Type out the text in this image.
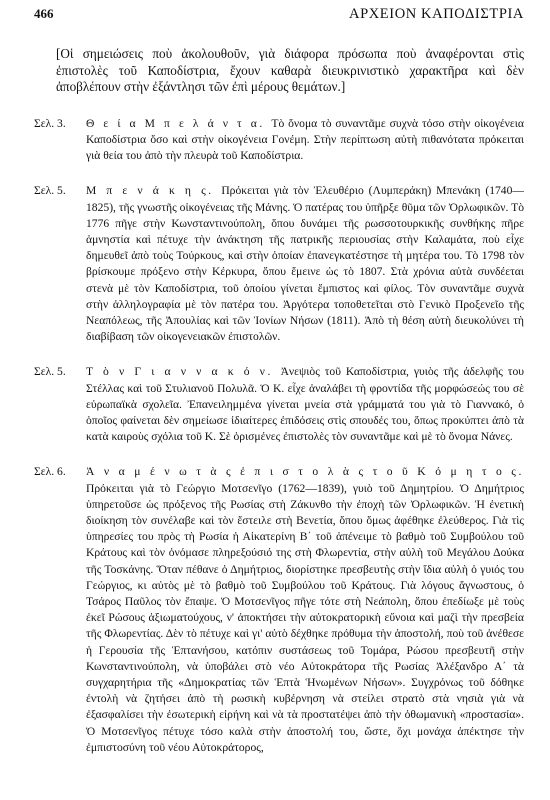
466	ΑΡΧΕΙΟΝ ΚΑΠΟΔΙΣΤΡΙΑ

[Οἱ σημειώσεις ποὺ ἀκολουθοῦν, γιὰ διάφορα πρόσωπα ποὺ ἀναφέρονται στὶς ἐπιστολὲς τοῦ Καποδίστρια, ἔχουν καθαρὰ διευκρινιστικὸ χαρακτῆρα καὶ δὲν ἀποβλέπουν στὴν ἐξάντλησι τῶν ἐπὶ μέρους θεμάτων.]

Σελ. 3.	Θ ε ί α Μ π ε λ ά ν τ α. Τὸ ὄνομα τὸ συναντᾶμε συχνὰ τόσο στὴν οἰκογένεια Καποδίστρια ὅσο καὶ στὴν οἰκογένεια Γονέμη. Στὴν περίπτωση αὐτὴ πιθανότατα πρόκειται γιὰ θεία του ἀπὸ τὴν πλευρὰ τοῦ Καποδίστρια.
Σελ. 5.	Μ π ε ν ά κ η ς. Πρόκειται γιὰ τὸν Ἐλευθέριο (Λυμπεράκη) Μπενάκη (1740—1825), τῆς γνωστῆς οἰκογένειας τῆς Μάνης. Ὁ πατέρας του ὑπῆρξε θῦμα τῶν Ὀρλωφικῶν. Τὸ 1776 πῆγε στὴν Κωνσταντινούπολη, ὅπου δυνάμει τῆς ρωσσοτουρκικῆς συνθήκης πῆρε ἀμνηστία καὶ πέτυχε τὴν ἀνάκτηση τῆς πατρικῆς περιουσίας στὴν Καλαμάτα, ποὺ εἶχε δημευθεῖ ἀπὸ τοὺς Τούρκους, καὶ στὴν ὁποίαν ἐπανεγκατέστησε τὴ μητέρα του. Τὸ 1798 τὸν βρίσκουμε πρόξενο στὴν Κέρκυρα, ὅπου ἔμεινε ὡς τὸ 1807. Στὰ χρόνια αὐτὰ συνδέεται στενὰ μὲ τὸν Καποδίστρια, τοῦ ὁποίου γίνεται ἔμπιστος καὶ φίλος. Τὸν συναντᾶμε συχνὰ στὴν ἀλληλογραφία μὲ τὸν πατέρα του. Ἀργότερα τοποθετεῖται στὸ Γενικὸ Προξενεῖο τῆς Νεαπόλεως, τῆς Ἀπουλίας καὶ τῶν Ἰονίων Νήσων (1811). Ἀπὸ τὴ θέση αὐτὴ διευκολύνει τὴ διαβίβαση τῶν οἰκογενειακῶν ἐπιστολῶν.
Σελ. 5.	Τ ὸ ν Γ ι α ν ν α κ ό ν. Ἀνεψιὸς τοῦ Καποδίστρια, γυιὸς τῆς ἀδελφῆς του Στέλλας καὶ τοῦ Στυλιανοῦ Πολυλᾶ. Ὁ Κ. εἶχε ἀναλάβει τὴ φροντίδα τῆς μορφώσεώς του σὲ εὐρωπαϊκὰ σχολεῖα. Ἐπανειλημμένα γίνεται μνεία στὰ γράμματά του γιὰ τὸ Γιαννακό, ὁ ὁποῖος φαίνεται δὲν σημείωσε ἰδιαίτερες ἐπιδόσεις στὶς σπουδές του, ὅπως προκύπτει ἀπὸ τὰ κατὰ καιροὺς σχόλια τοῦ Κ. Σὲ ὁρισμένες ἐπιστολὲς τὸν συναντᾶμε καὶ μὲ τὸ ὄνομα Νάνες.
Σελ. 6.	Ἀ ν α μ έ ν ω τ ὰ ς ἐ π ι σ τ ο λ ὰ ς τ ο ῦ Κ ό μ η τ ο ς. Πρόκειται γιὰ τὸ Γεώργιο Μοτσενῖγο (1762—1839), γυιὸ τοῦ Δημητρίου. Ὁ Δημήτριος ὑπηρετοῦσε ὡς πρόξενος τῆς Ρωσίας στὴ Ζάκυνθο τὴν ἐποχὴ τῶν Ὀρλωφικῶν. Ἡ ἐνετικὴ διοίκηση τὸν συνέλαβε καὶ τὸν ἔστειλε στὴ Βενετία, ὅπου ὅμως ἀφέθηκε ἐλεύθερος. Γιὰ τὶς ὑπηρεσίες του πρὸς τὴ Ρωσία ἡ Αἰκατερίνη Β΄ τοῦ ἀπένειμε τὸ βαθμὸ τοῦ Συμβούλου τοῦ Κράτους καὶ τὸν ὀνόμασε πληρεξούσιό της στὴ Φλωρεντία, στὴν αὐλὴ τοῦ Μεγάλου Δούκα τῆς Τοσκάνης. Ὅταν πέθανε ὁ Δημήτριος, διορίστηκε πρεσβευτὴς στὴν ἴδια αὐλὴ ὁ γυιός του Γεώργιος, κι αὐτὸς μὲ τὸ βαθμὸ τοῦ Συμβούλου τοῦ Κράτους. Γιὰ λόγους ἄγνωστους, ὁ Τσάρος Παῦλος τὸν ἔπαψε. Ὁ Μοτσενῖγος πῆγε τότε στὴ Νεάπολη, ὅπου ἐπεδίωξε μὲ τοὺς ἐκεῖ Ρώσους ἀξιωματούχους, ν' ἀποκτήσει τὴν αὐτοκρατορικὴ εὔνοια καὶ μαζὶ τὴν πρεσβεία τῆς Φλωρεντίας. Δὲν τὸ πέτυχε καὶ γι' αὐτὸ δέχθηκε πρόθυμα τὴν ἀποστολή, ποὺ τοῦ ἀνέθεσε ἡ Γερουσία τῆς Ἑπτανήσου, κατόπιν συστάσεως τοῦ Τομάρα, Ρώσου πρεσβευτῆ στὴν Κωνσταντινούπολη, νὰ ὑποβάλει στὸ νέο Αὐτοκράτορα τῆς Ρωσίας Ἀλέξανδρο Α΄ τὰ συγχαρητήρια τῆς «Δημοκρατίας τῶν Ἑπτὰ Ἡνωμένων Νήσων». Συγχρόνως τοῦ δόθηκε ἐντολὴ νὰ ζητήσει ἀπὸ τὴ ρωσικὴ κυβέρνηση νὰ στείλει στρατὸ στὰ νησιὰ γιὰ νὰ ἐξασφαλίσει τὴν ἐσωτερικὴ εἰρήνη καὶ νὰ τὰ προστατέψει ἀπὸ τὴν ὀθωμανικὴ «προστασία». Ὁ Μοτσενῖγος πέτυχε τόσο καλὰ στὴν ἀποστολή του, ὥστε, ὄχι μονάχα ἀπέκτησε τὴν ἐμπιστοσύνη τοῦ νέου Αὐτοκράτορος,
